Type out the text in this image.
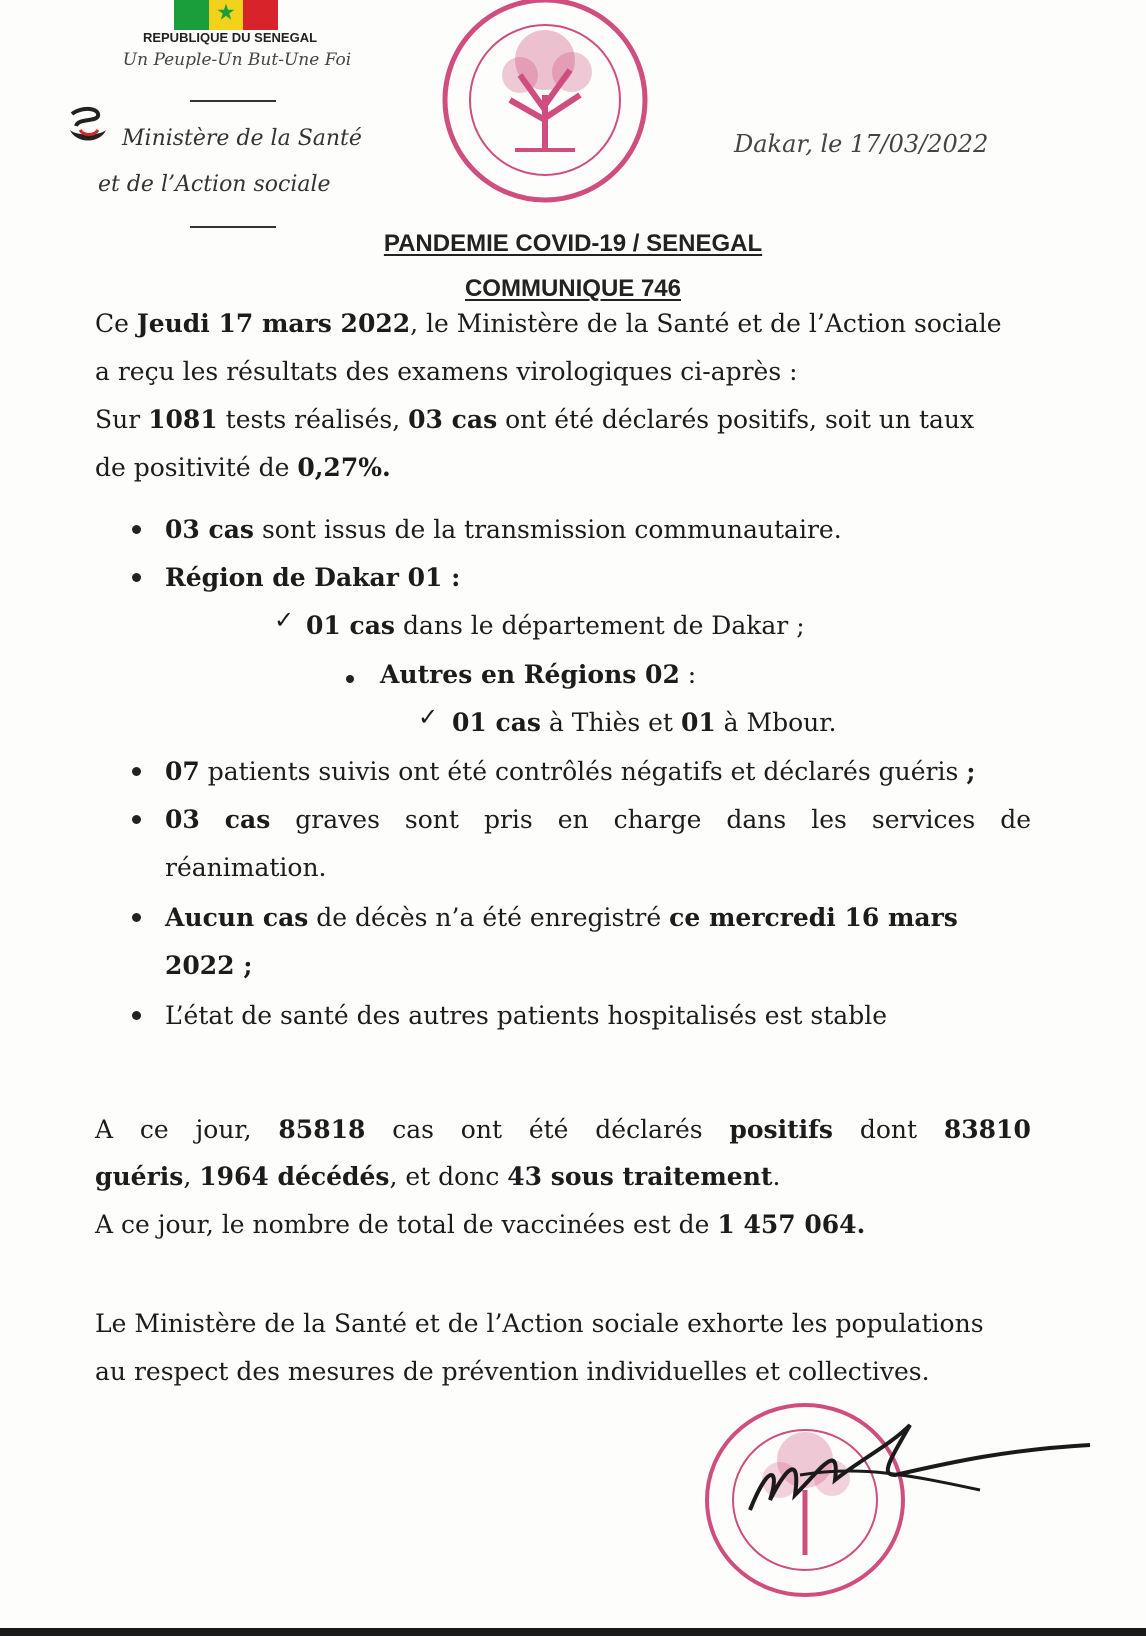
★
REPUBLIQUE DU SENEGAL
Un Peuple-Un But-Une Foi
Ministère de la Santé
et de l’Action sociale
Dakar, le 17/03/2022
PANDEMIE COVID-19 / SENEGAL
COMMUNIQUE 746
Ce Jeudi 17 mars 2022, le Ministère de la Santé et de l’Action sociale
a reçu les résultats des examens virologiques ci-après :
Sur 1081 tests réalisés, 03 cas ont été déclarés positifs, soit un taux
de positivité de 0,27%.
03 cas sont issus de la transmission communautaire.
Région de Dakar 01 :
✓ 01 cas dans le département de Dakar ;
Autres en Régions 02 :
✓ 01 cas à Thiès et 01 à Mbour.
07 patients suivis ont été contrôlés négatifs et déclarés guéris ;
03 cas graves sont pris en charge dans les services de
réanimation.
Aucun cas de décès n’a été enregistré ce mercredi 16 mars
2022 ;
L’état de santé des autres patients hospitalisés est stable
A ce jour, 85818 cas ont été déclarés positifs dont 83810
guéris, 1964 décédés, et donc 43 sous traitement.
A ce jour, le nombre de total de vaccinées est de 1 457 064.
Le Ministère de la Santé et de l’Action sociale exhorte les populations
au respect des mesures de prévention individuelles et collectives.
